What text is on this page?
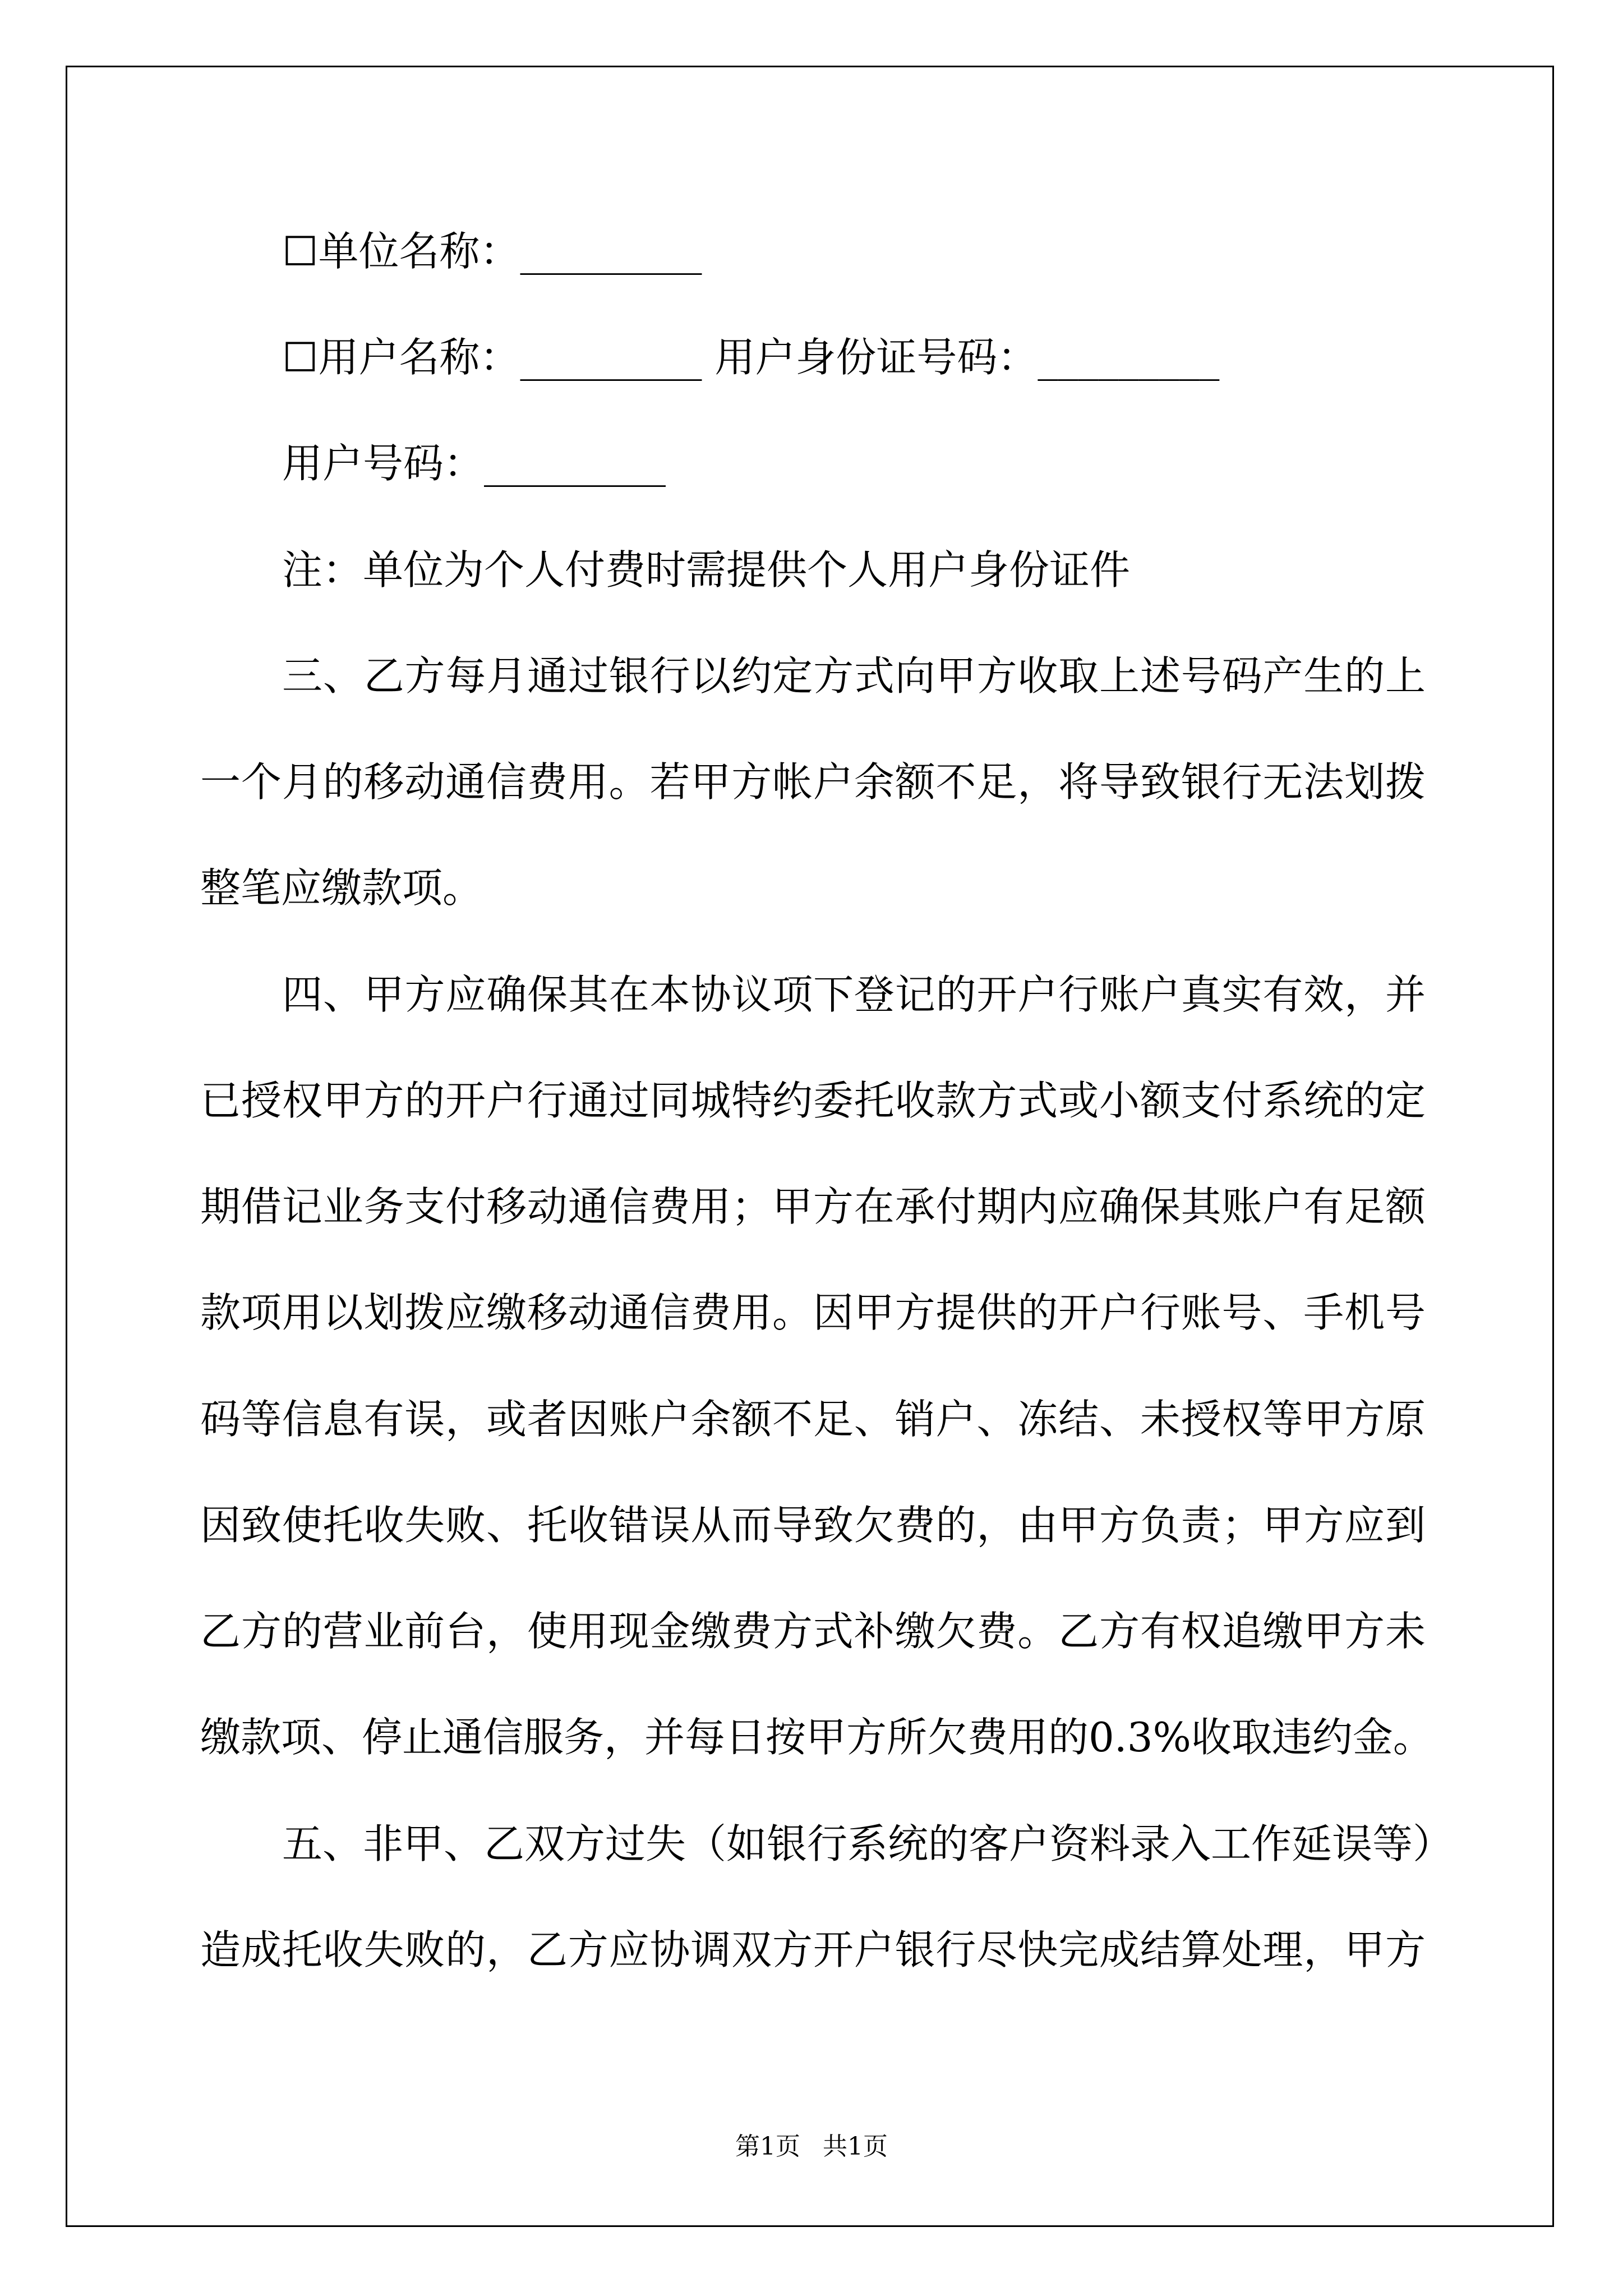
☐单位名称：_________
☐用户名称：_________ 用户身份证号码：_________
用户号码：_________
注：单位为个人付费时需提供个人用户身份证件
三、乙方每月通过银行以约定方式向甲方收取上述号码产生的上
一个月的移动通信费用。若甲方帐户余额不足，将导致银行无法划拨
整笔应缴款项。
四、甲方应确保其在本协议项下登记的开户行账户真实有效，并
已授权甲方的开户行通过同城特约委托收款方式或小额支付系统的定
期借记业务支付移动通信费用；甲方在承付期内应确保其账户有足额
款项用以划拨应缴移动通信费用。因甲方提供的开户行账号、手机号
码等信息有误，或者因账户余额不足、销户、冻结、未授权等甲方原
因致使托收失败、托收错误从而导致欠费的，由甲方负责；甲方应到
乙方的营业前台，使用现金缴费方式补缴欠费。乙方有权追缴甲方未
缴款项、停止通信服务，并每日按甲方所欠费用的0.3%收取违约金。
五、非甲、乙双方过失（如银行系统的客户资料录入工作延误等）
造成托收失败的，乙方应协调双方开户银行尽快完成结算处理，甲方
第1页 共1页
